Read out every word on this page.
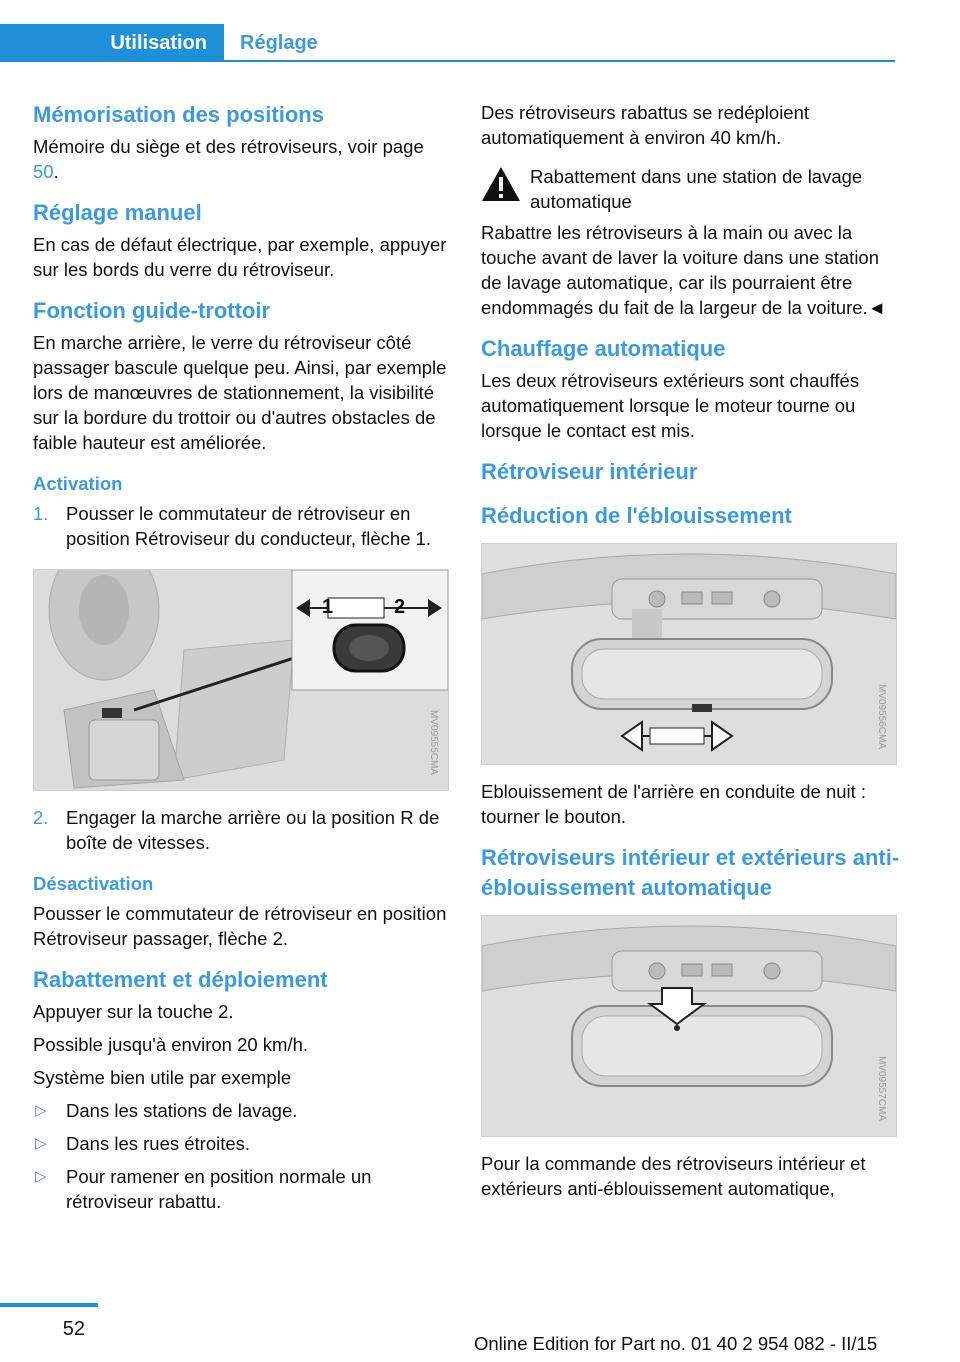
Utilisation	Réglage
Mémorisation des positions

Mémoire du siège et des rétroviseurs, voir page 50.

Réglage manuel

En cas de défaut électrique, par exemple, appuyer sur les bords du verre du rétroviseur.

Fonction guide-trottoir

En marche arrière, le verre du rétroviseur côté passager bascule quelque peu. Ainsi, par exemple lors de manœuvres de stationnement, la visibilité sur la bordure du trottoir ou d'autres obstacles de faible hauteur est améliorée.

Activation
1. Pousser le commutateur de rétroviseur en position Rétroviseur du conducteur, flèche 1.
1	2
MV09555CMA
2. Engager la marche arrière ou la position R de boîte de vitesses.
Désactivation

Pousser le commutateur de rétroviseur en position Rétroviseur passager, flèche 2.

Rabattement et déploiement

Appuyer sur la touche 2.

Possible jusqu'à environ 20 km/h.

Système bien utile par exemple

▷ Dans les stations de lavage.
▷ Dans les rues étroites.
▷ Pour ramener en position normale un rétroviseur rabattu.

Des rétroviseurs rabattus se redéploient automatiquement à environ 40 km/h.

Rabattement dans une station de lavage automatique

Rabattre les rétroviseurs à la main ou avec la touche avant de laver la voiture dans une station de lavage automatique, car ils pourraient être endommagés du fait de la largeur de la voiture.◄

Chauffage automatique

Les deux rétroviseurs extérieurs sont chauffés automatiquement lorsque le moteur tourne ou lorsque le contact est mis.

Rétroviseur intérieur
Réduction de l'éblouissement
MV09556CMA

Eblouissement de l'arrière en conduite de nuit : tourner le bouton.

Rétroviseurs intérieur et extérieurs anti-éblouissement automatique
MV09557CMA

Pour la commande des rétroviseurs intérieur et extérieurs anti-éblouissement automatique,

52
Online Edition for Part no. 01 40 2 954 082 - II/15
